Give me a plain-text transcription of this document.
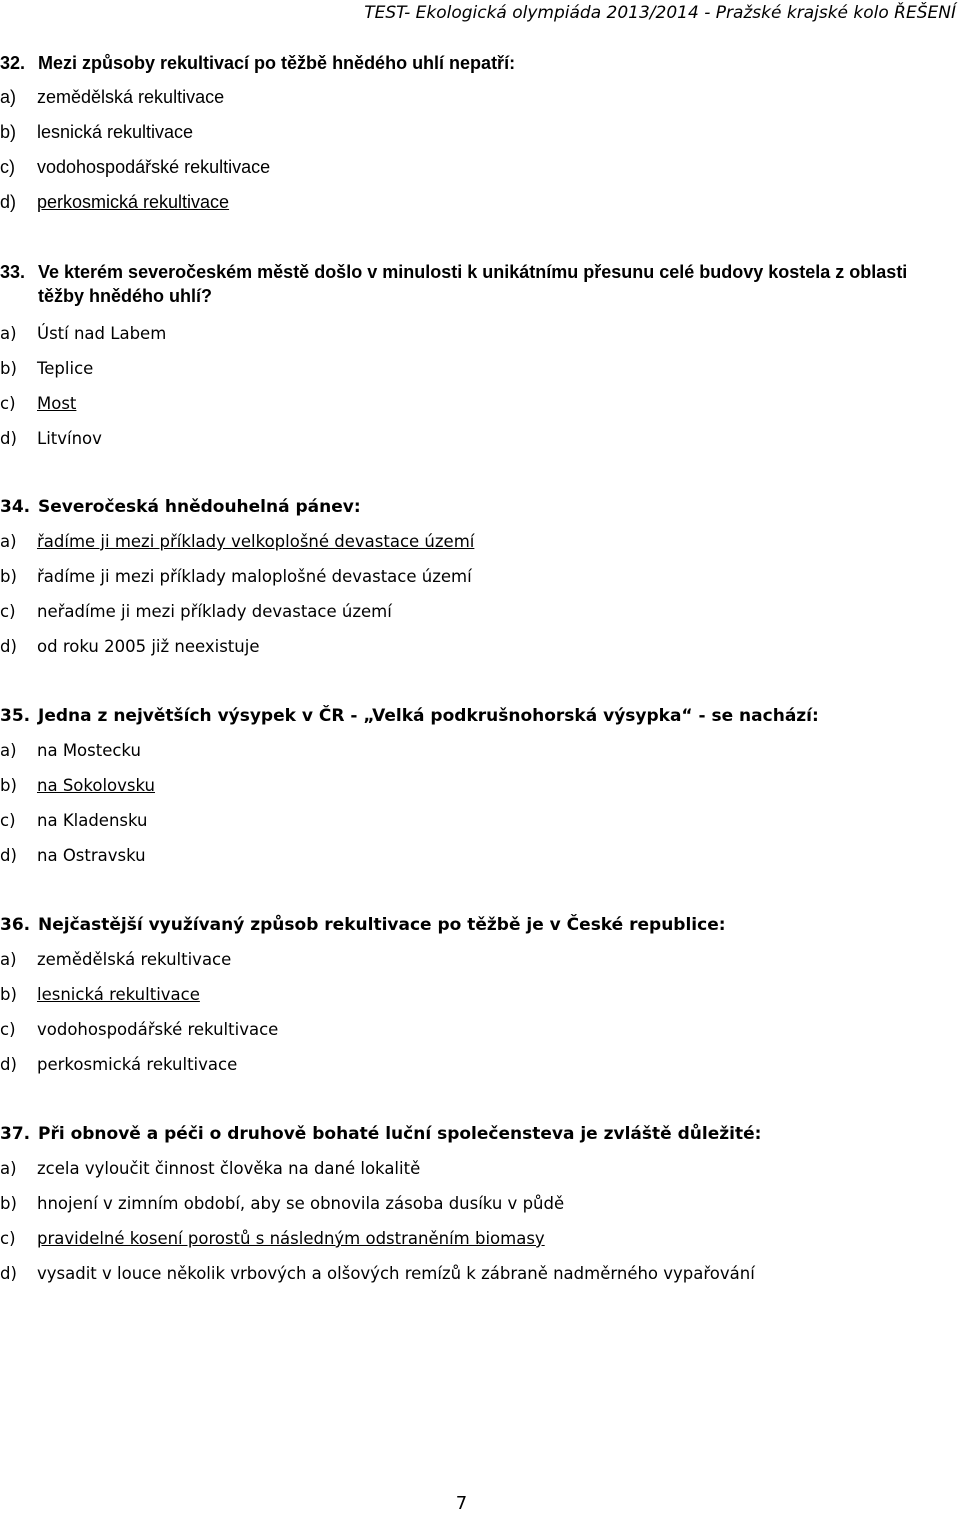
TEST- Ekologická olympiáda 2013/2014 - Pražské krajské kolo ŘEŠENÍ
32. Mezi způsoby rekultivací po těžbě hnědého uhlí nepatří:
a)	zemědělská rekultivace
b)	lesnická rekultivace
c)	vodohospodářské rekultivace
d)	perkosmická rekultivace
33. Ve kterém severočeském městě došlo v minulosti k unikátnímu přesunu celé budovy kostela z oblasti těžby hnědého uhlí?
a)	Ústí nad Labem
b)	Teplice
c)	Most
d)	Litvínov
34. Severočeská hnědouhelná pánev:
a)	řadíme ji mezi příklady velkoplošné devastace území
b)	řadíme ji mezi příklady maloplošné devastace území
c)	neřadíme ji mezi příklady devastace území
d)	od roku 2005 již neexistuje
35. Jedna z největších výsypek v ČR - „Velká podkrušnohorská výsypka“ - se nachází:
a)	na Mostecku
b)	na Sokolovsku
c)	na Kladensku
d)	na Ostravsku
36. Nejčastější využívaný způsob rekultivace po těžbě je v České republice:
a)	zemědělská rekultivace
b)	lesnická rekultivace
c)	vodohospodářské rekultivace
d)	perkosmická rekultivace
37. Při obnově a péči o druhově bohaté luční společensteva je zvláště důležité:
a)	zcela vyloučit činnost člověka na dané lokalitě
b)	hnojení v zimním období, aby se obnovila zásoba dusíku v půdě
c)	pravidelné kosení porostů s následným odstraněním biomasy
d)	vysadit v louce několik vrbových a olšových remízů k zábraně nadměrného vypařování
7
